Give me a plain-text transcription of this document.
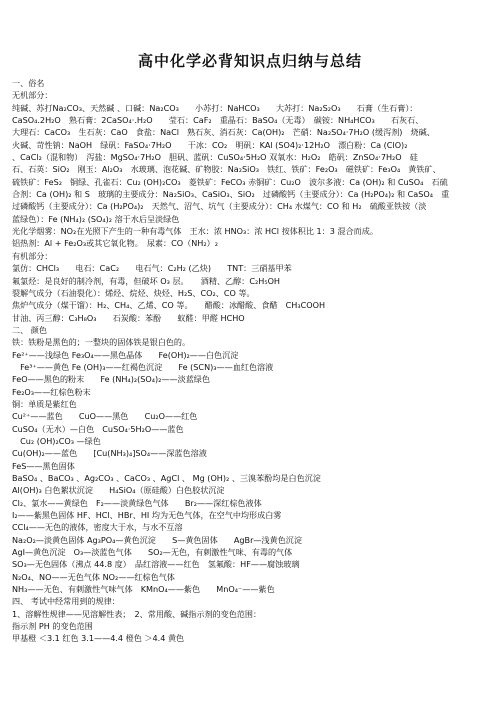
高中化学必背知识点归纳与总结
一、俗名
无机部分：
纯碱、苏打Na₂CO₃、天然碱 、口碱：Na₂CO₃　　小苏打：NaHCO₃　　大苏打：Na₂S₂O₃　　石膏（生石膏）：
CaSO₄.2H₂O　熟石膏：2CaSO₄·.H₂O　　莹石：CaF₂　重晶石：BaSO₄（无毒）　碳铵：NH₄HCO₃　　石灰石、
大理石：CaCO₃　生石灰：CaO　食盐：NaCl　熟石灰、消石灰：Ca(OH)₂　芒硝：Na₂SO₄·7H₂O (缓泻剂)　烧碱、
火碱、苛性钠：NaOH　绿矾：FaSO₄·7H₂O　　干冰：CO₂　明矾：KAl (SO4)₂·12H₂O　漂白粉：Ca (ClO)₂
、CaCl₂（混和物）　泻盐：MgSO₄·7H₂O　胆矾、蓝矾：CuSO₄·5H₂O 双氧水：H₂O₂　皓矾：ZnSO₄·7H₂O　硅
石、石英：SiO₂　刚玉：Al₂O₃　水玻璃、泡花碱、矿物胶：Na₂SiO₃　铁红、铁矿：Fe₂O₃　磁铁矿：Fe₃O₄　黄铁矿、
硫铁矿：FeS₂　铜绿、孔雀石：Cu₂ (OH)₂CO₃　菱铁矿：FeCO₃ 赤铜矿：Cu₂O　波尔多液：Ca (OH)₂ 和 CuSO₄　石硫
合剂：Ca (OH)₂ 和 S　玻璃的主要成分：Na₂SiO₃、CaSiO₃、SiO₂　过磷酸钙（主要成分）：Ca (H₂PO₄)₂ 和 CaSO₄　重
过磷酸钙（主要成分）：Ca (H₂PO₄)₂　天然气、沼气、坑气（主要成分）：CH₄ 水煤气：CO 和 H₂　硫酸亚铁铵（淡
蓝绿色）：Fe (NH₄)₂ (SO₄)₂ 溶于水后呈淡绿色
光化学烟雾：NO₂在光照下产生的一种有毒气体　王水：浓 HNO₃：浓 HCl 按体积比 1：3 混合而成。
铝热剂：Al + Fe₂O₃或其它氧化物。　尿素：CO（NH₂）₂
有机部分：
氯仿：CHCl₃　　电石：CaC₂　　电石气：C₂H₂ (乙炔)　　TNT：三硝基甲苯
氟氯烃：是良好的制冷剂，有毒，但破坏 O₃ 层。　　酒精、乙醇：C₂H₅OH
裂解气成分（石油裂化）：烯烃、烷烃、炔烃、H₂S、CO₂、CO 等。
焦炉气成分（煤干馏）：H₂、CH₄、乙烯、CO 等。　　醋酸：冰醋酸、食醋　CH₃COOH
甘油、丙三醇：C₃H₈O₃　　石炭酸：苯酚　　蚁醛：甲醛 HCHO
二、 颜色
铁：铁粉是黑色的；一整块的固体铁是银白色的。
Fe²⁺——浅绿色 Fe₃O₄——黑色晶体　　Fe(OH)₂——白色沉淀
　Fe³⁺——黄色 Fe (OH)₃——红褐色沉淀　　Fe (SCN)₃——血红色溶液
FeO——黑色的粉末　　Fe (NH₄)₂(SO₄)₂——淡蓝绿色
Fe₂O₃——红棕色粉末
铜：单质是紫红色
Cu²⁺——蓝色　　CuO——黑色　　Cu₂O——红色
CuSO₄（无水）—白色　CuSO₄·5H₂O——蓝色
　Cu₂ (OH)₂CO₃ —绿色
Cu(OH)₂——蓝色　　[Cu(NH₃)₄]SO₄——深蓝色溶液
FeS——黑色固体
BaSO₄ 、BaCO₃ 、Ag₂CO₃ 、CaCO₃ 、AgCl 、 Mg (OH)₂ 、三溴苯酚均是白色沉淀
Al(OH)₃ 白色絮状沉淀　　H₄SiO₄（原硅酸）白色胶状沉淀
Cl₂、氯水——黄绿色　F₂——淡黄绿色气体　　Br₂——深红棕色液体
I₂——紫黑色固体 HF、HCl、HBr、HI 均为无色气体，在空气中均形成白雾
CCl₄——无色的液体，密度大于水，与水不互溶
Na₂O₂—淡黄色固体 Ag₃PO₄—黄色沉淀　　S—黄色固体　　AgBr—浅黄色沉淀
AgI—黄色沉淀　O₃—淡蓝色气体　　SO₂—无色，有刺激性气味、有毒的气体
SO₃—无色固体（沸点 44.8 度）　品红溶液——红色　氢氟酸：HF——腐蚀玻璃
N₂O₄、NO——无色气体 NO₂——红棕色气体
NH₃——无色、有刺激性气味气体　KMnO₄——紫色　　MnO₄⁻——紫色
四、 考试中经常用到的规律：
1、溶解性规律——见溶解性表；　2、常用酸、碱指示剂的变色范围：
指示剂 PH 的变色范围
甲基橙 ＜3.1 红色 3.1——4.4 橙色 ＞4.4 黄色
